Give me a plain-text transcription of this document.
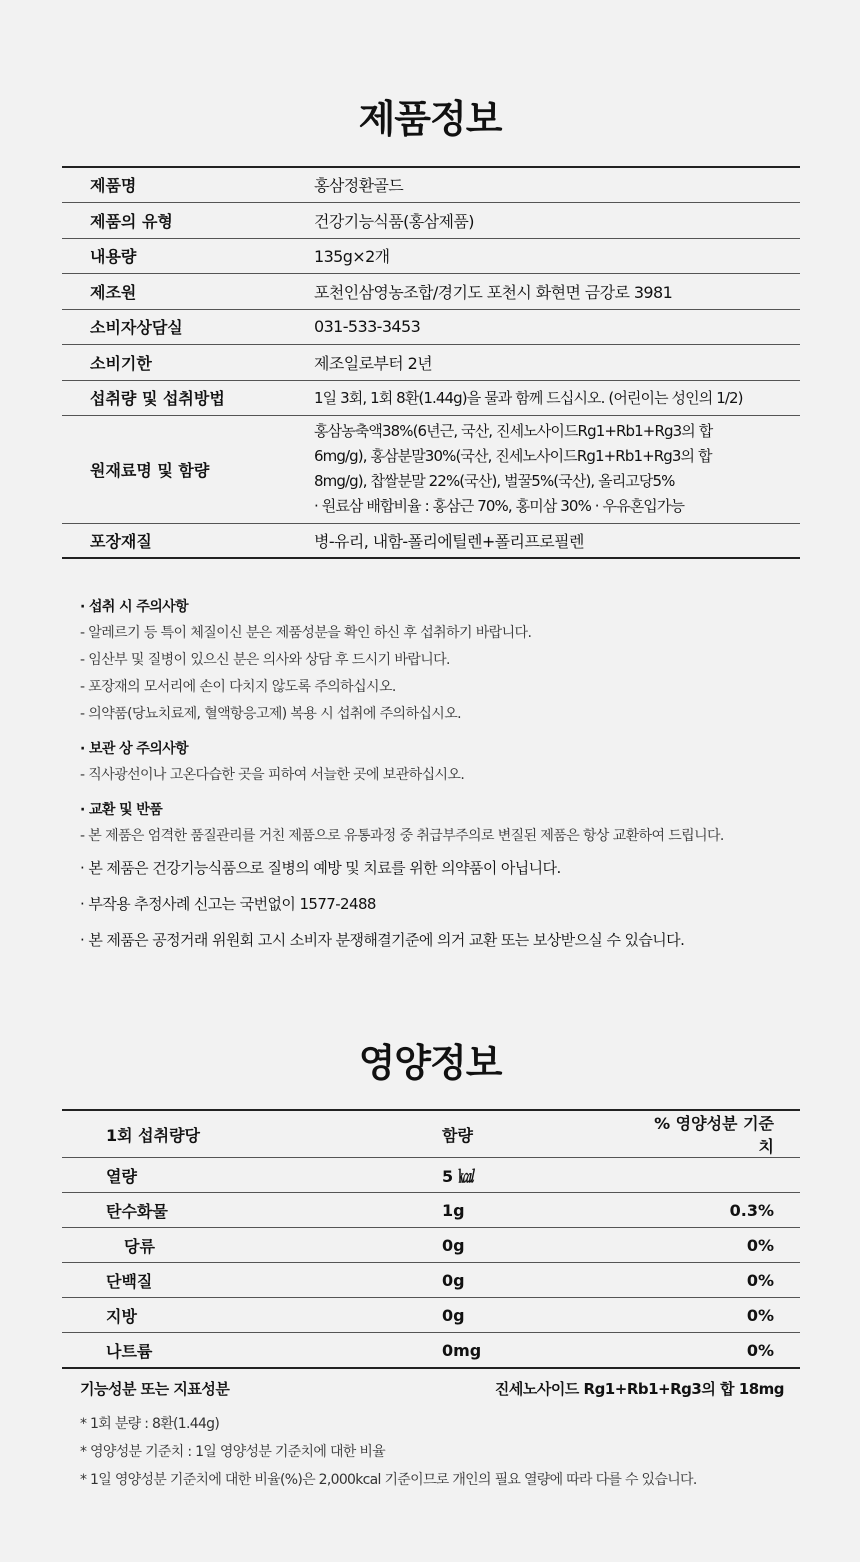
제품정보
제품명	홍삼정환골드
제품의 유형	건강기능식품(홍삼제품)
내용량	135g×2개
제조원	포천인삼영농조합/경기도 포천시 화현면 금강로 3981
소비자상담실	031-533-3453
소비기한	제조일로부터 2년
섭취량 및 섭취방법	1일 3회, 1회 8환(1.44g)을 물과 함께 드십시오. (어린이는 성인의 1/2)
원재료명 및 함량	홍삼농축액38%(6년근, 국산, 진세노사이드Rg1+Rb1+Rg3의 합
6mg/g), 홍삼분말30%(국산, 진세노사이드Rg1+Rb1+Rg3의 합
8mg/g), 찹쌀분말 22%(국산), 벌꿀5%(국산), 올리고당5%
· 원료삼 배합비율 : 홍삼근 70%, 홍미삼 30% · 우유혼입가능

포장재질	병-유리, 내함-폴리에틸렌+폴리프로필렌

· 섭취 시 주의사항

- 알레르기 등 특이 체질이신 분은 제품성분을 확인 하신 후 섭취하기 바랍니다.

- 임산부 및 질병이 있으신 분은 의사와 상담 후 드시기 바랍니다.

- 포장재의 모서리에 손이 다치지 않도록 주의하십시오.

- 의약품(당뇨치료제, 혈액항응고제) 복용 시 섭취에 주의하십시오.

· 보관 상 주의사항

- 직사광선이나 고온다습한 곳을 피하여 서늘한 곳에 보관하십시오.

· 교환 및 반품

- 본 제품은 엄격한 품질관리를 거친 제품으로 유통과정 중 취급부주의로 변질된 제품은 항상 교환하여 드립니다.

· 본 제품은 건강기능식품으로 질병의 예방 및 치료를 위한 의약품이 아닙니다.

· 부작용 추정사례 신고는 국번없이 1577-2488

· 본 제품은 공정거래 위원회 고시 소비자 분쟁해결기준에 의거 교환 또는 보상받으실 수 있습니다.

영양정보
1회 섭취량당	함량	% 영양성분 기준치
열량	5 ㎉	
탄수화물	1g	0.3%
당류	0g	0%
단백질	0g	0%
지방	0g	0%
나트륨	0mg	0%
기능성분 또는 지표성분	진세노사이드 Rg1+Rb1+Rg3의 합 18mg

* 1회 분량 : 8환(1.44g)

* 영양성분 기준치 : 1일 영양성분 기준치에 대한 비율

* 1일 영양성분 기준치에 대한 비율(%)은 2,000kcal 기준이므로 개인의 필요 열량에 따라 다를 수 있습니다.
